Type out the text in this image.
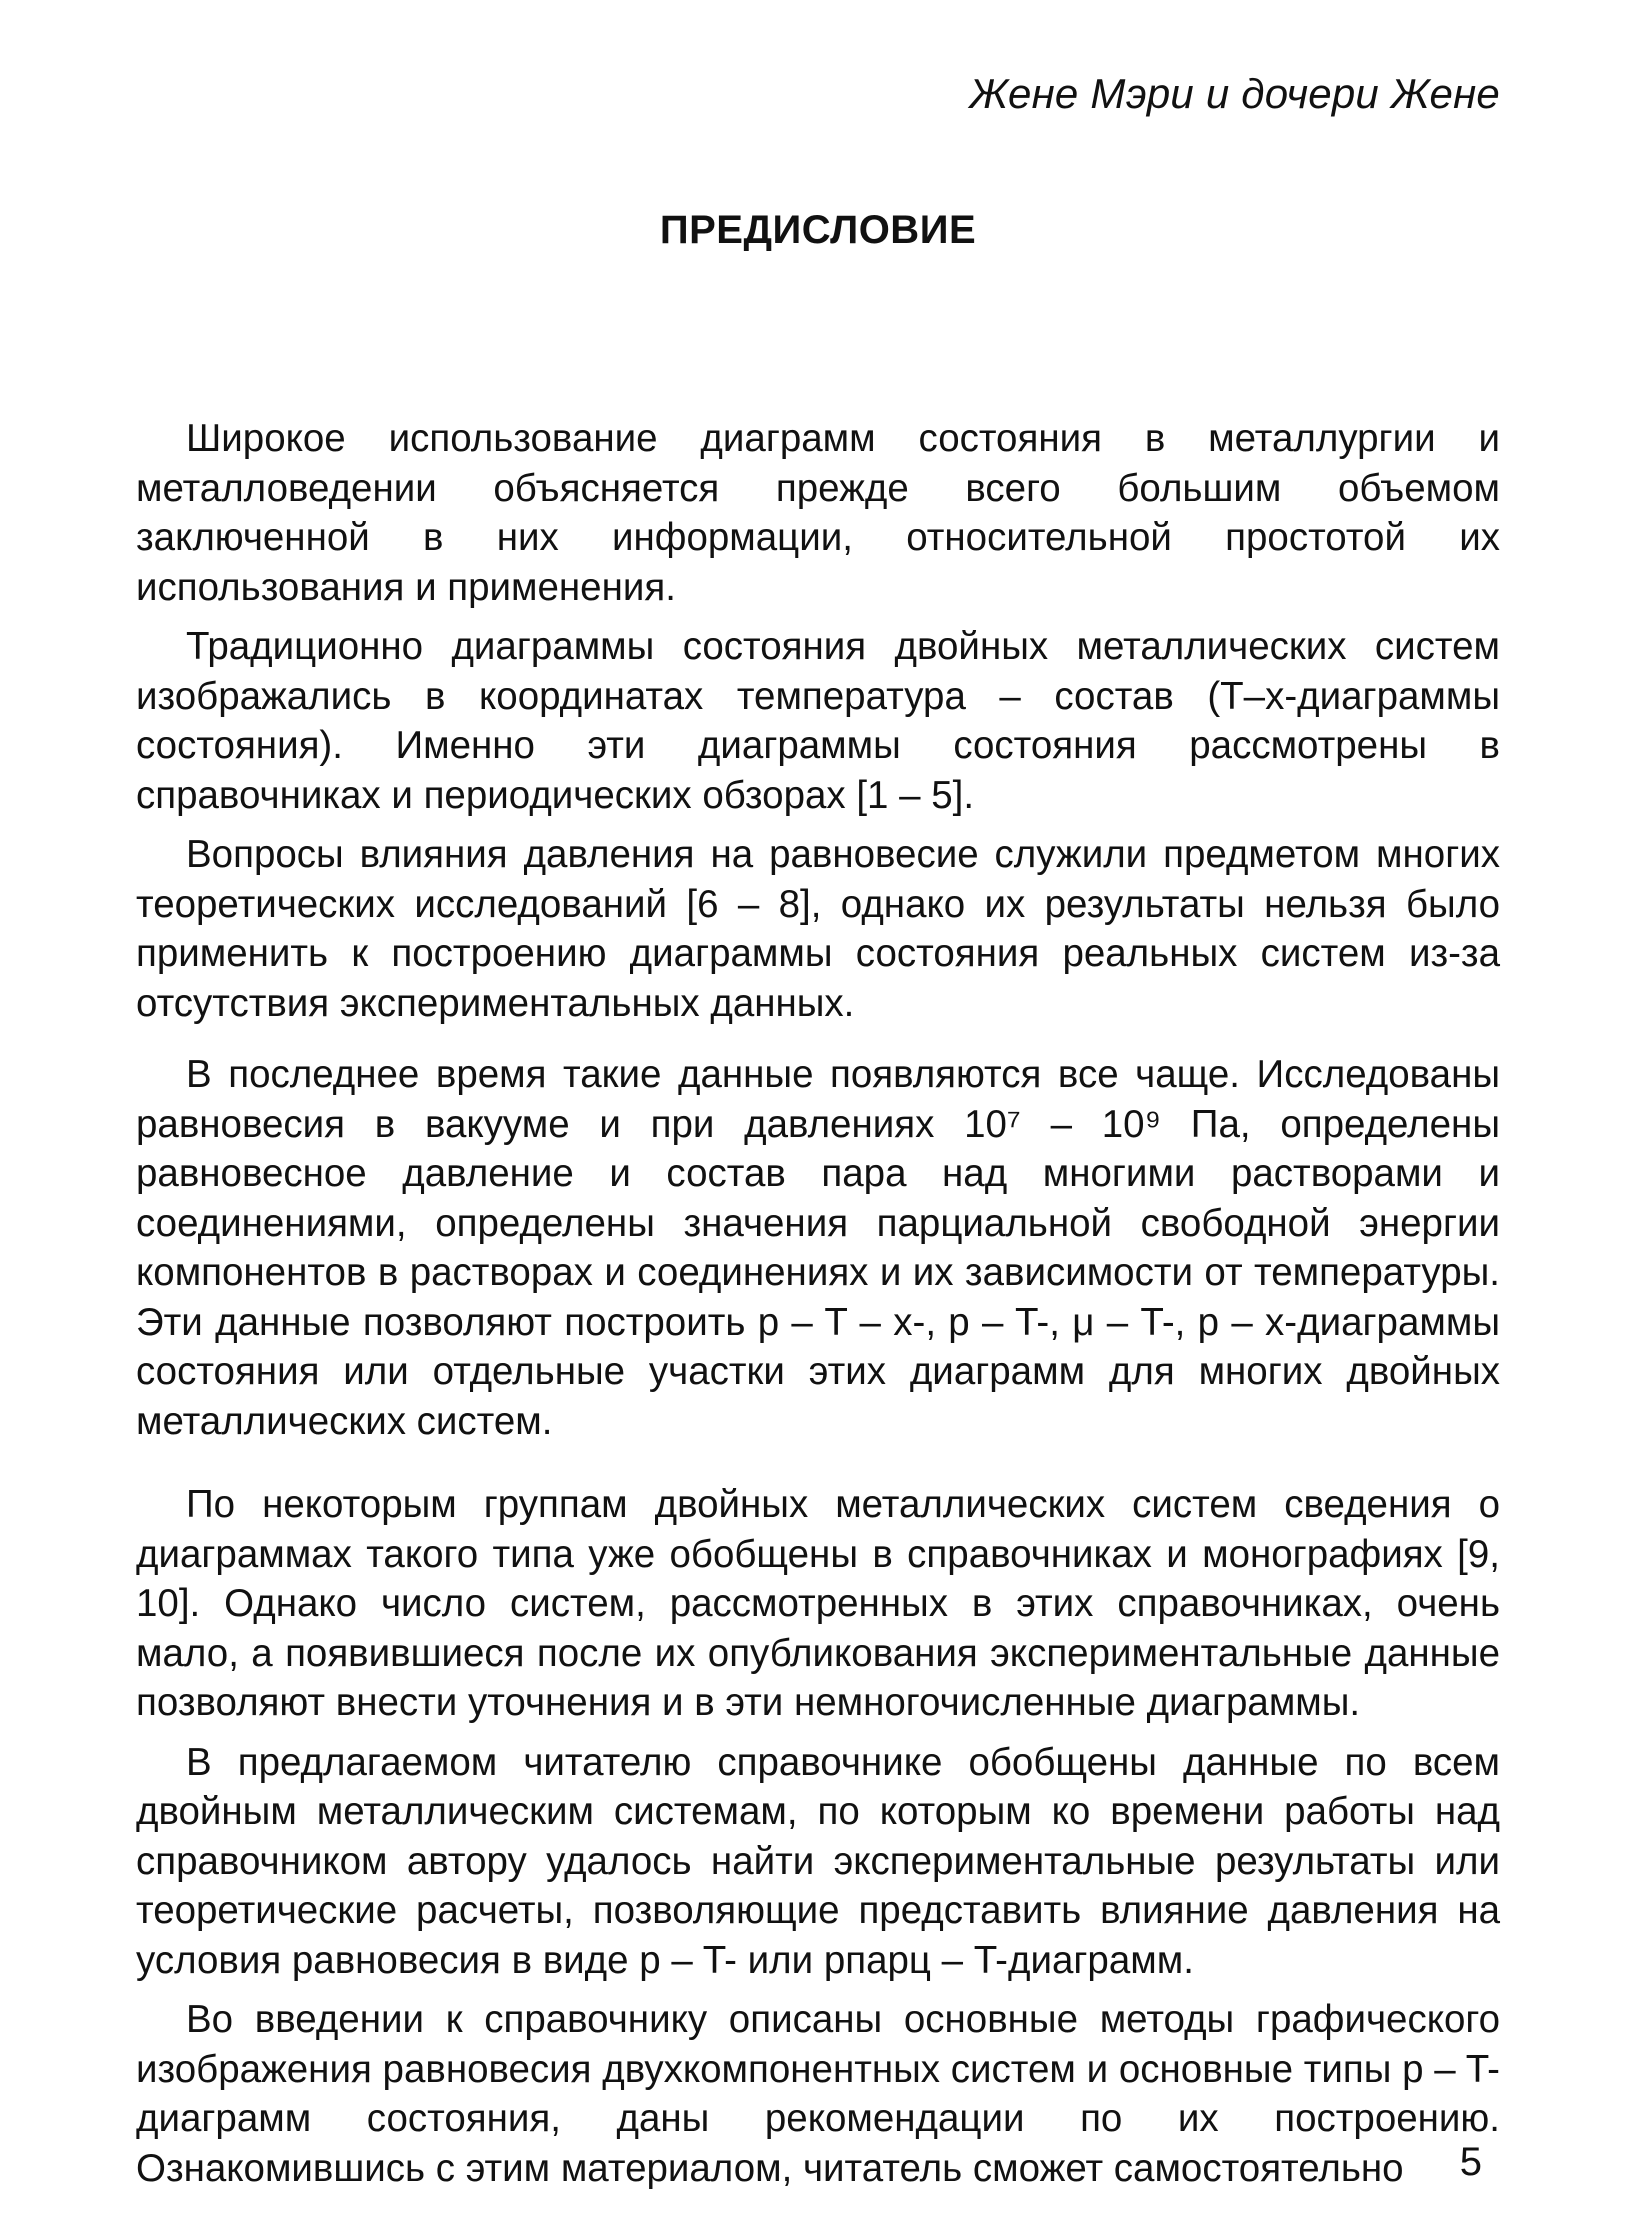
Жене Мэри и дочери Жене
ПРЕДИСЛОВИЕ

Широкое использование диаграмм состояния в металлургии и металловедении объясняется прежде всего большим объемом заключенной в них информации, относительной простотой их использования и применения.

Традиционно диаграммы состояния двойных металлических систем изображались в координатах температура – состав (T–x-диаграммы состояния). Именно эти диаграммы состояния рассмотрены в справочниках и периодических обзорах [1 – 5].

Вопросы влияния давления на равновесие служили предметом многих теоретических исследований [6 – 8], однако их результаты нельзя было применить к построению диаграммы состояния реальных систем из-за отсутствия экспериментальных данных.

В последнее время такие данные появляются все чаще. Исследованы равновесия в вакууме и при давлениях 10⁷ – 10⁹ Па, определены равновесное давление и состав пара над многими растворами и соединениями, определены значения парциальной свободной энергии компонентов в растворах и соединениях и их зависимости от температуры. Эти данные позволяют построить p – T – x-, p – T-, μ – T-, p – x-диаграммы состояния или отдельные участки этих диаграмм для многих двойных металлических систем.

По некоторым группам двойных металлических систем сведения о диаграммах такого типа уже обобщены в справочниках и монографиях [9, 10]. Однако число систем, рассмотренных в этих справочниках, очень мало, а появившиеся после их опубликования экспериментальные данные позволяют внести уточнения и в эти немногочисленные диаграммы.

В предлагаемом читателю справочнике обобщены данные по всем двойным металлическим системам, по которым ко времени работы над справочником автору удалось найти экспериментальные результаты или теоретические расчеты, позволяющие представить влияние давления на условия равновесия в виде p – T- или pпарц – T-диаграмм.

Во введении к справочнику описаны основные методы графического изображения равновесия двухкомпонентных систем и основные типы p – T-диаграмм состояния, даны рекомендации по их построению. Ознакомившись с этим материалом, читатель сможет самостоятельно	5
